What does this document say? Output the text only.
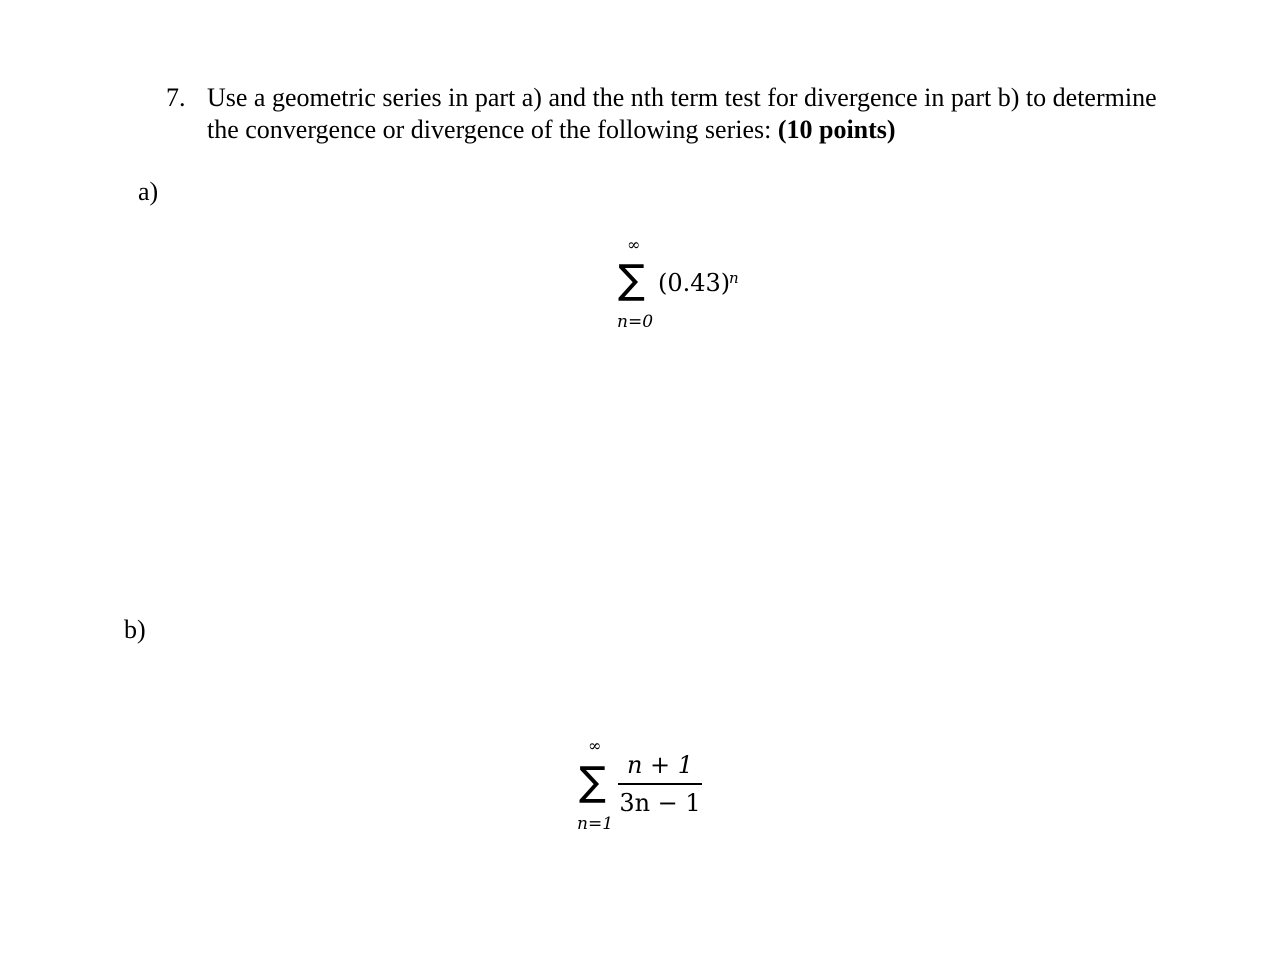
7. Use a geometric series in part a) and the nth term test for divergence in part b) to determine the convergence or divergence of the following series: (10 points)
a)
∞
∑ (0.43)
n
n=0
b)
∞
∑
n=1
n + 1
3n − 1
